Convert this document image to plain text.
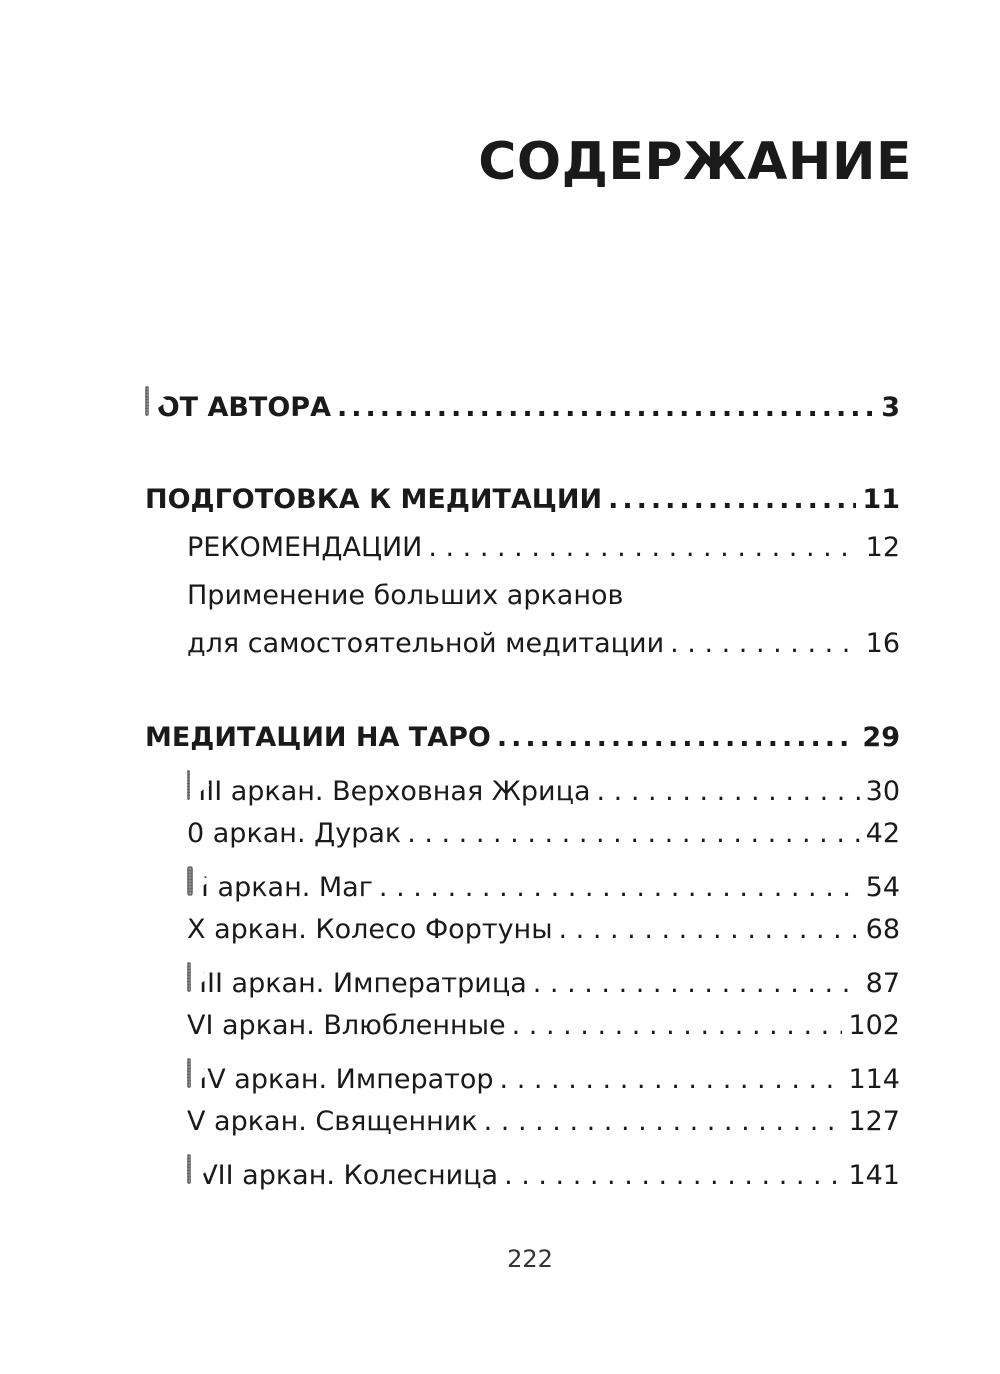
СОДЕРЖАНИЕ
ОТ АВТОРА .....	3
ПОДГОТОВКА К МЕДИТАЦИИ .....	11
РЕКОМЕНДАЦИИ . . .	12
Применение больших арканов
для самостоятельной медитации . . .	16
МЕДИТАЦИИ НА ТАРО .....	29
III аркан. Верховная Жрица . . .	30
0 аркан. Дурак . . .	42
I аркан. Маг . . .	54
X аркан. Колесо Фортуны . . .	68
III аркан. Императрица . . .	87
VI аркан. Влюбленные . . .	102
IV аркан. Император . . .	114
V аркан. Священник . . .	127
VII аркан. Колесница . . .	141
222
